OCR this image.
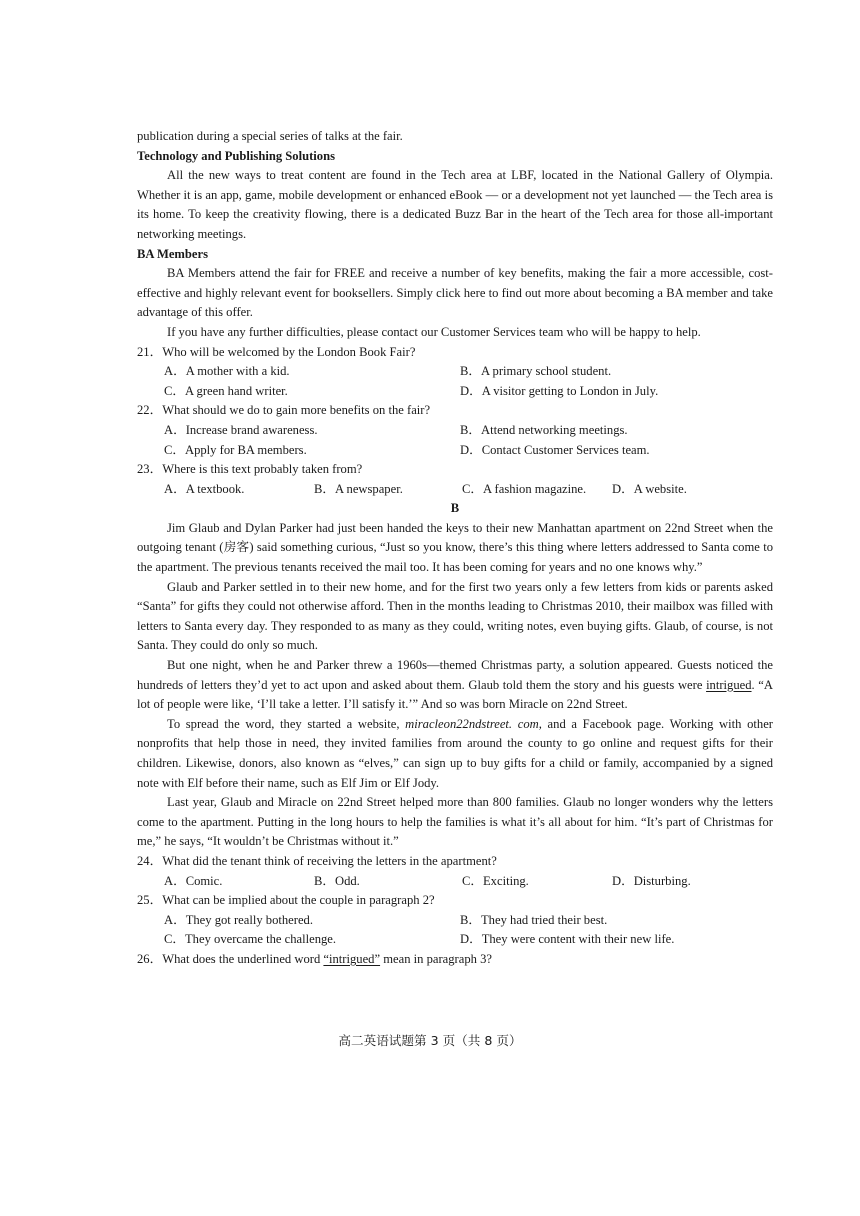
publication during a special series of talks at the fair.

Technology and Publishing Solutions

All the new ways to treat content are found in the Tech area at LBF, located in the National Gallery of Olympia. Whether it is an app, game, mobile development or enhanced eBook — or a development not yet launched — the Tech area is its home. To keep the creativity flowing, there is a dedicated Buzz Bar in the heart of the Tech area for those all-important networking meetings.

BA Members

BA Members attend the fair for FREE and receive a number of key benefits, making the fair a more accessible, cost-effective and highly relevant event for booksellers. Simply click here to find out more about becoming a BA member and take advantage of this offer.

If you have any further difficulties, please contact our Customer Services team who will be happy to help.

21．Who will be welcomed by the London Book Fair?

A．A mother with a kid.	B．A primary school student.
C．A green hand writer.	D．A visitor getting to London in July.

22．What should we do to gain more benefits on the fair?

A．Increase brand awareness.	B．Attend networking meetings.
C．Apply for BA members.	D．Contact Customer Services team.

23．Where is this text probably taken from?

A．A textbook.	B．A newspaper.	C．A fashion magazine.	D．A website.

B

Jim Glaub and Dylan Parker had just been handed the keys to their new Manhattan apartment on 22nd Street when the outgoing tenant (房客) said something curious, “Just so you know, there’s this thing where letters addressed to Santa come to the apartment. The previous tenants received the mail too. It has been coming for years and no one knows why.”

Glaub and Parker settled in to their new home, and for the first two years only a few letters from kids or parents asked “Santa” for gifts they could not otherwise afford. Then in the months leading to Christmas 2010, their mailbox was filled with letters to Santa every day. They responded to as many as they could, writing notes, even buying gifts. Glaub, of course, is not Santa. They could do only so much.

But one night, when he and Parker threw a 1960s—themed Christmas party, a solution appeared. Guests noticed the hundreds of letters they’d yet to act upon and asked about them. Glaub told them the story and his guests were intrigued. “A lot of people were like, ‘I’ll take a letter. I’ll satisfy it.’” And so was born Miracle on 22nd Street.

To spread the word, they started a website, miracleon22ndstreet. com, and a Facebook page. Working with other nonprofits that help those in need, they invited families from around the county to go online and request gifts for their children. Likewise, donors, also known as “elves,” can sign up to buy gifts for a child or family, accompanied by a signed note with Elf before their name, such as Elf Jim or Elf Jody.

Last year, Glaub and Miracle on 22nd Street helped more than 800 families. Glaub no longer wonders why the letters come to the apartment. Putting in the long hours to help the families is what it’s all about for him. “It’s part of Christmas for me,” he says, “It wouldn’t be Christmas without it.”

24．What did the tenant think of receiving the letters in the apartment?

A．Comic.	B．Odd.	C．Exciting.	D．Disturbing.

25．What can be implied about the couple in paragraph 2?

A．They got really bothered.	B．They had tried their best.
C．They overcame the challenge.	D．They were content with their new life.

26．What does the underlined word “intrigued” mean in paragraph 3?

高二英语试题第 3 页（共 8 页）
